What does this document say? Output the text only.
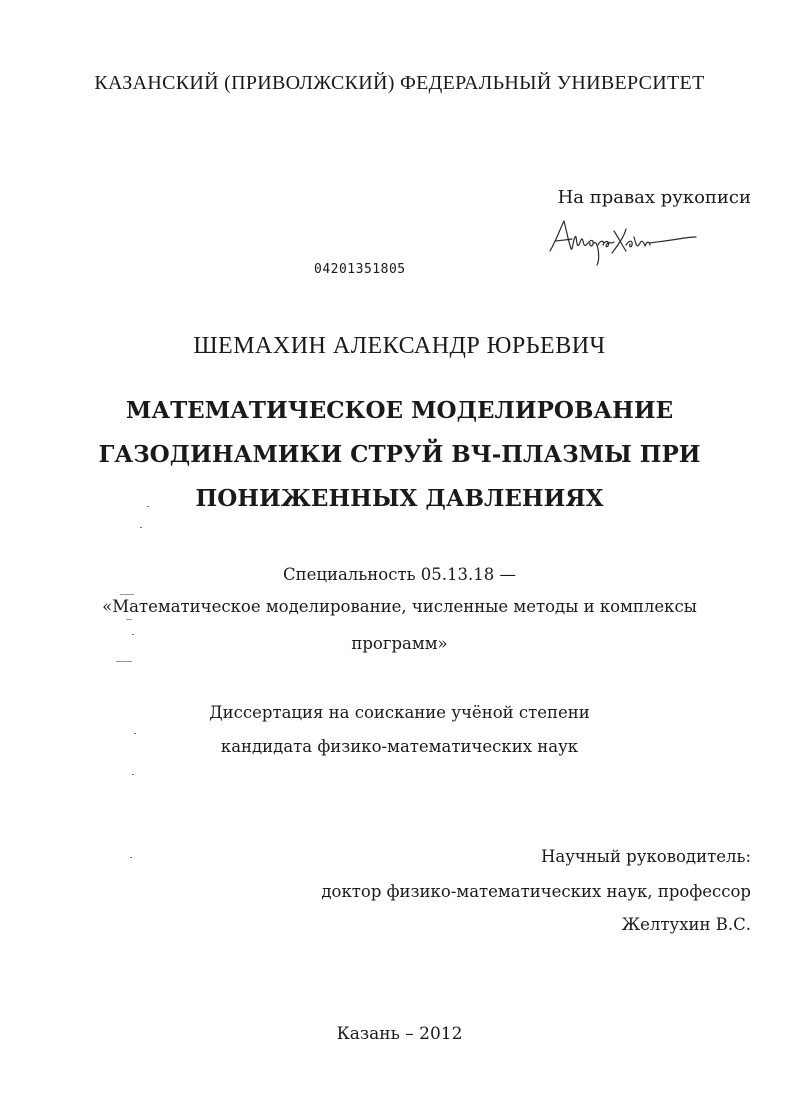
КАЗАНСКИЙ (ПРИВОЛЖСКИЙ) ФЕДЕРАЛЬНЫЙ УНИВЕРСИТЕТ
На правах рукописи
04201351805
ШЕМАХИН АЛЕКСАНДР ЮРЬЕВИЧ
МАТЕМАТИЧЕСКОЕ МОДЕЛИРОВАНИЕ
ГАЗОДИНАМИКИ СТРУЙ ВЧ-ПЛАЗМЫ ПРИ
ПОНИЖЕННЫХ ДАВЛЕНИЯХ
Специальность 05.13.18 —
«Математическое моделирование, численные методы и комплексы
программ»
Диссертация на соискание учёной степени
кандидата физико-математических наук
Научный руководитель:
доктор физико-математических наук, профессор
Желтухин В.С.
Казань – 2012
